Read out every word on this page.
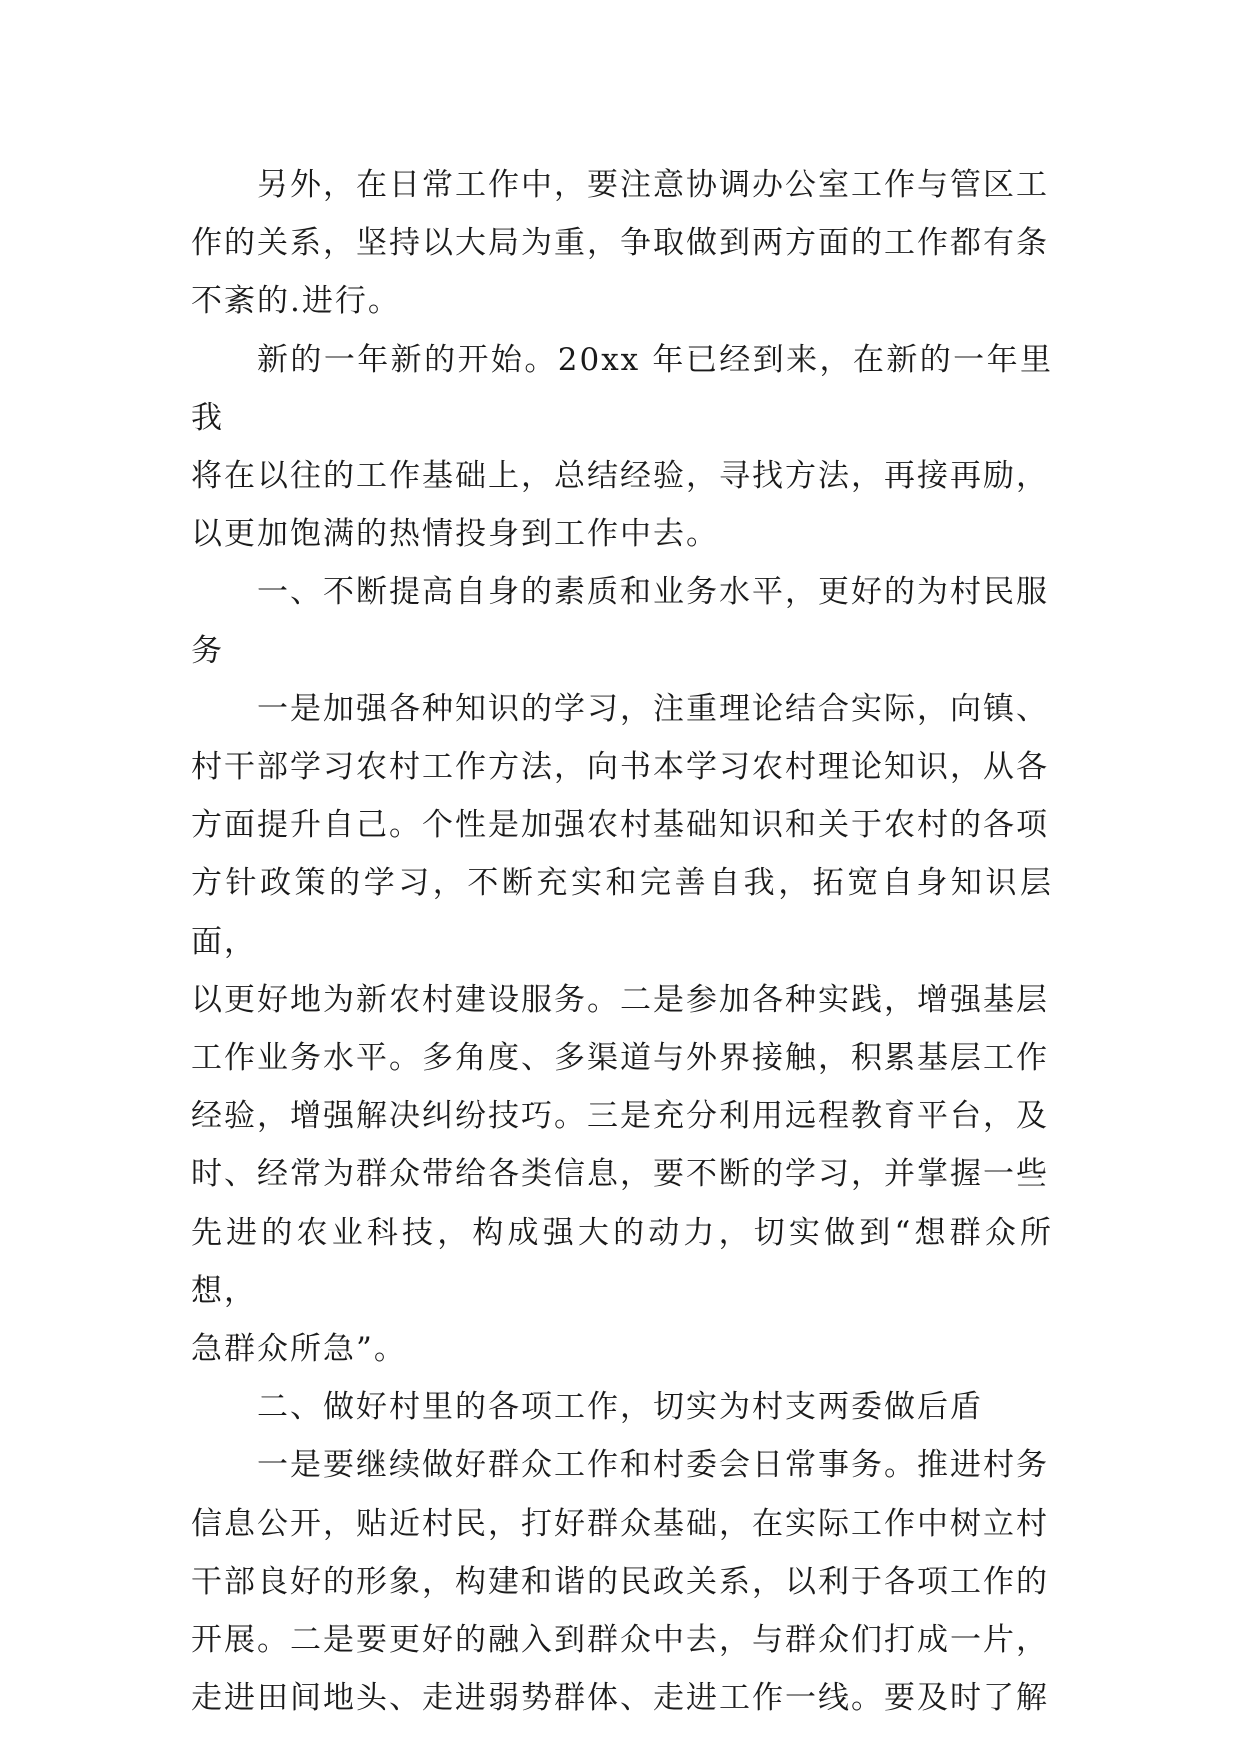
另外，在日常工作中，要注意协调办公室工作与管区工
作的关系，坚持以大局为重，争取做到两方面的工作都有条
不紊的.进行。

新的一年新的开始。20xx 年已经到来，在新的一年里我
将在以往的工作基础上，总结经验，寻找方法，再接再励，
以更加饱满的热情投身到工作中去。

一、不断提高自身的素质和业务水平，更好的为村民服
务

一是加强各种知识的学习，注重理论结合实际，向镇、
村干部学习农村工作方法，向书本学习农村理论知识，从各
方面提升自己。个性是加强农村基础知识和关于农村的各项
方针政策的学习，不断充实和完善自我，拓宽自身知识层面，
以更好地为新农村建设服务。二是参加各种实践，增强基层
工作业务水平。多角度、多渠道与外界接触，积累基层工作
经验，增强解决纠纷技巧。三是充分利用远程教育平台，及
时、经常为群众带给各类信息，要不断的学习，并掌握一些
先进的农业科技，构成强大的动力，切实做到“想群众所想，
急群众所急”。

二、做好村里的各项工作，切实为村支两委做后盾

一是要继续做好群众工作和村委会日常事务。推进村务
信息公开，贴近村民，打好群众基础，在实际工作中树立村
干部良好的形象，构建和谐的民政关系，以利于各项工作的
开展。二是要更好的融入到群众中去，与群众们打成一片，
走进田间地头、走进弱势群体、走进工作一线。要及时了解
